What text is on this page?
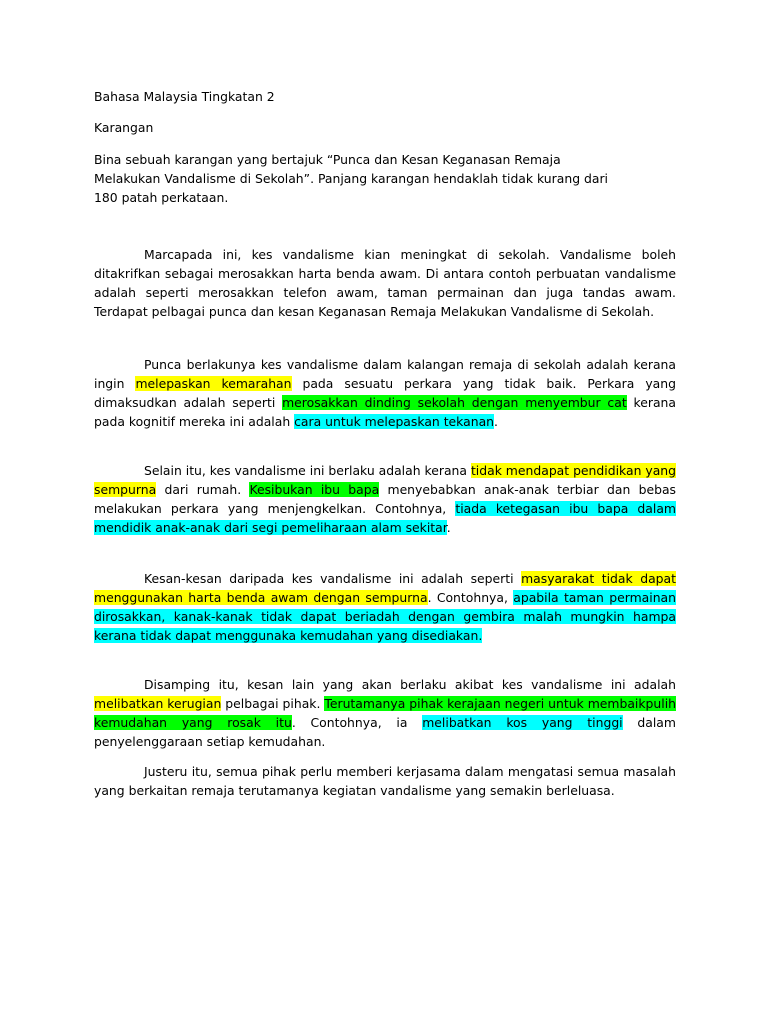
Bahasa Malaysia Tingkatan 2
Karangan
Bina sebuah karangan yang bertajuk “Punca dan Kesan Keganasan Remaja
Melakukan Vandalisme di Sekolah”. Panjang karangan hendaklah tidak kurang dari
180 patah perkataan.

Marcapada ini, kes vandalisme kian meningkat di sekolah. Vandalisme boleh ditakrifkan sebagai merosakkan harta benda awam. Di antara contoh perbuatan vandalisme adalah seperti merosakkan telefon awam, taman permainan dan juga tandas awam. Terdapat pelbagai punca dan kesan Keganasan Remaja Melakukan Vandalisme di Sekolah.

Punca berlakunya kes vandalisme dalam kalangan remaja di sekolah adalah kerana ingin melepaskan kemarahan pada sesuatu perkara yang tidak baik. Perkara yang dimaksudkan adalah seperti merosakkan dinding sekolah dengan menyembur cat kerana pada kognitif mereka ini adalah cara untuk melepaskan tekanan.

Selain itu, kes vandalisme ini berlaku adalah kerana tidak mendapat pendidikan yang sempurna dari rumah. Kesibukan ibu bapa menyebabkan anak-anak terbiar dan bebas melakukan perkara yang menjengkelkan. Contohnya, tiada ketegasan ibu bapa dalam mendidik anak-anak dari segi pemeliharaan alam sekitar.

Kesan-kesan daripada kes vandalisme ini adalah seperti masyarakat tidak dapat menggunakan harta benda awam dengan sempurna. Contohnya, apabila taman permainan dirosakkan, kanak-kanak tidak dapat beriadah dengan gembira malah mungkin hampa kerana tidak dapat menggunaka kemudahan yang disediakan.

Disamping itu, kesan lain yang akan berlaku akibat kes vandalisme ini adalah melibatkan kerugian pelbagai pihak. Terutamanya pihak kerajaan negeri untuk membaikpulih kemudahan yang rosak itu. Contohnya, ia melibatkan kos yang tinggi dalam penyelenggaraan setiap kemudahan.

Justeru itu, semua pihak perlu memberi kerjasama dalam mengatasi semua masalah yang berkaitan remaja terutamanya kegiatan vandalisme yang semakin berleluasa.
